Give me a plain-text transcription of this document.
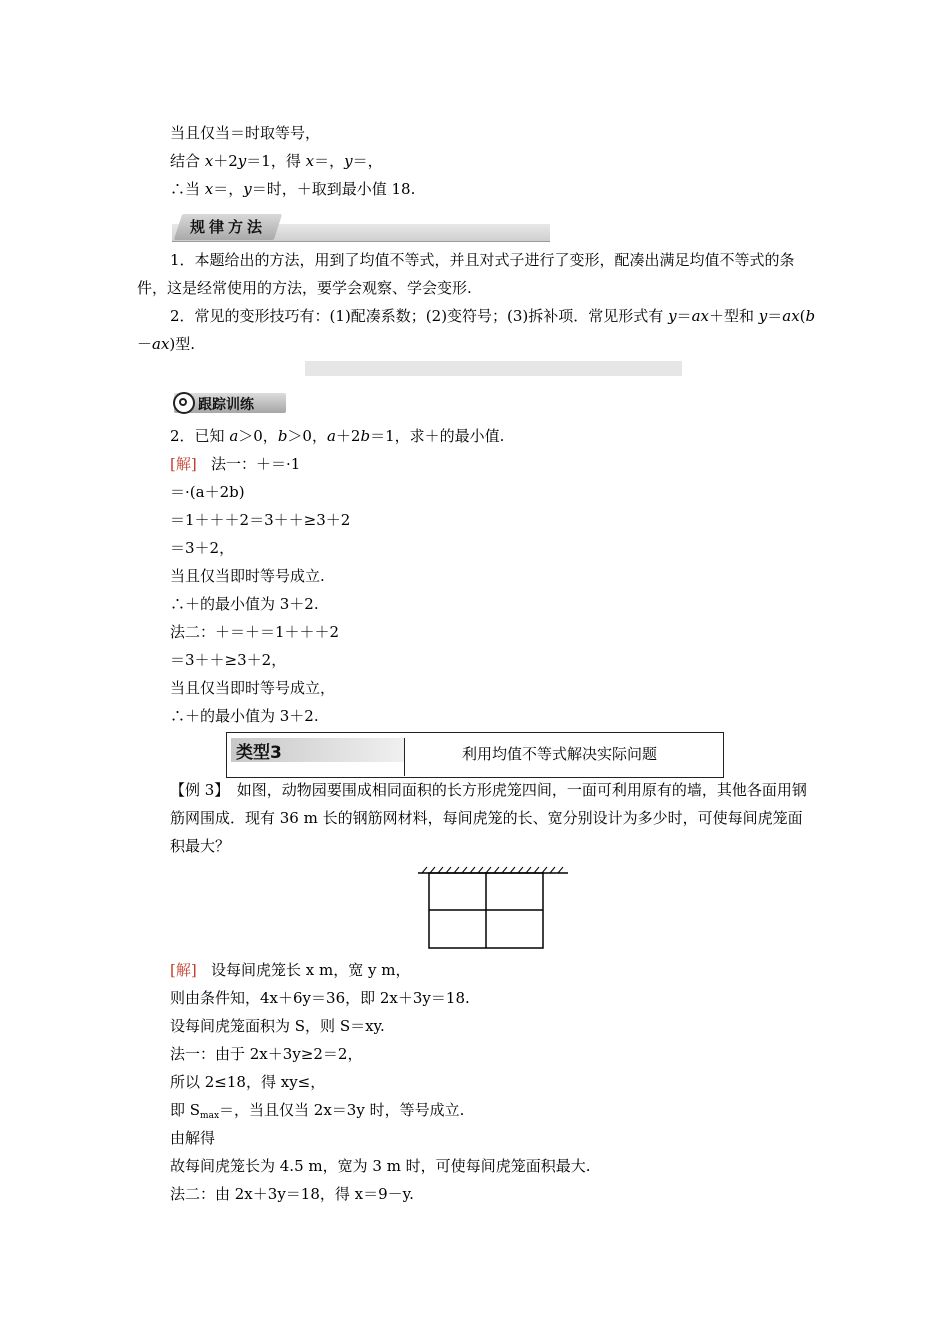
当且仅当＝时取等号，
结合 x＋2y＝1，得 x＝，y＝，
∴当 x＝，y＝时，＋取到最小值 18.
规律方法
1．本题给出的方法，用到了均值不等式，并且对式子进行了变形，配凑出满足均值不等式的条件，这是经常使用的方法，要学会观察、学会变形.
2．常见的变形技巧有：(1)配凑系数；(2)变符号；(3)拆补项．常见形式有 y＝ax＋型和 y＝ax(b－ax)型.
跟踪训练
2．已知 a＞0，b＞0，a＋2b＝1，求＋的最小值.
[解] 法一：＋＝·1
＝·(a＋2b)
＝1＋＋＋2＝3＋＋≥3＋2
＝3＋2，
当且仅当即时等号成立.
∴＋的最小值为 3＋2.
法二：＋＝＋＝1＋＋＋2
＝3＋＋≥3＋2，
当且仅当即时等号成立，
∴＋的最小值为 3＋2.
类型3	利用均值不等式解决实际问题
【例 3】　如图，动物园要围成相同面积的长方形虎笼四间，一面可利用原有的墙，其他各面用钢筋网围成．现有 36 m 长的钢筋网材料，每间虎笼的长、宽分别设计为多少时，可使每间虎笼面积最大？
[解] 设每间虎笼长 x m，宽 y m，
则由条件知，4x＋6y＝36，即 2x＋3y＝18.
设每间虎笼面积为 S，则 S＝xy.
法一：由于 2x＋3y≥2＝2，
所以 2≤18，得 xy≤，
即 $S_{max}=$，当且仅当 2x＝3y 时，等号成立.
由解得
故每间虎笼长为 4.5 m，宽为 3 m 时，可使每间虎笼面积最大.
法二：由 2x＋3y＝18，得 x＝9－y.
